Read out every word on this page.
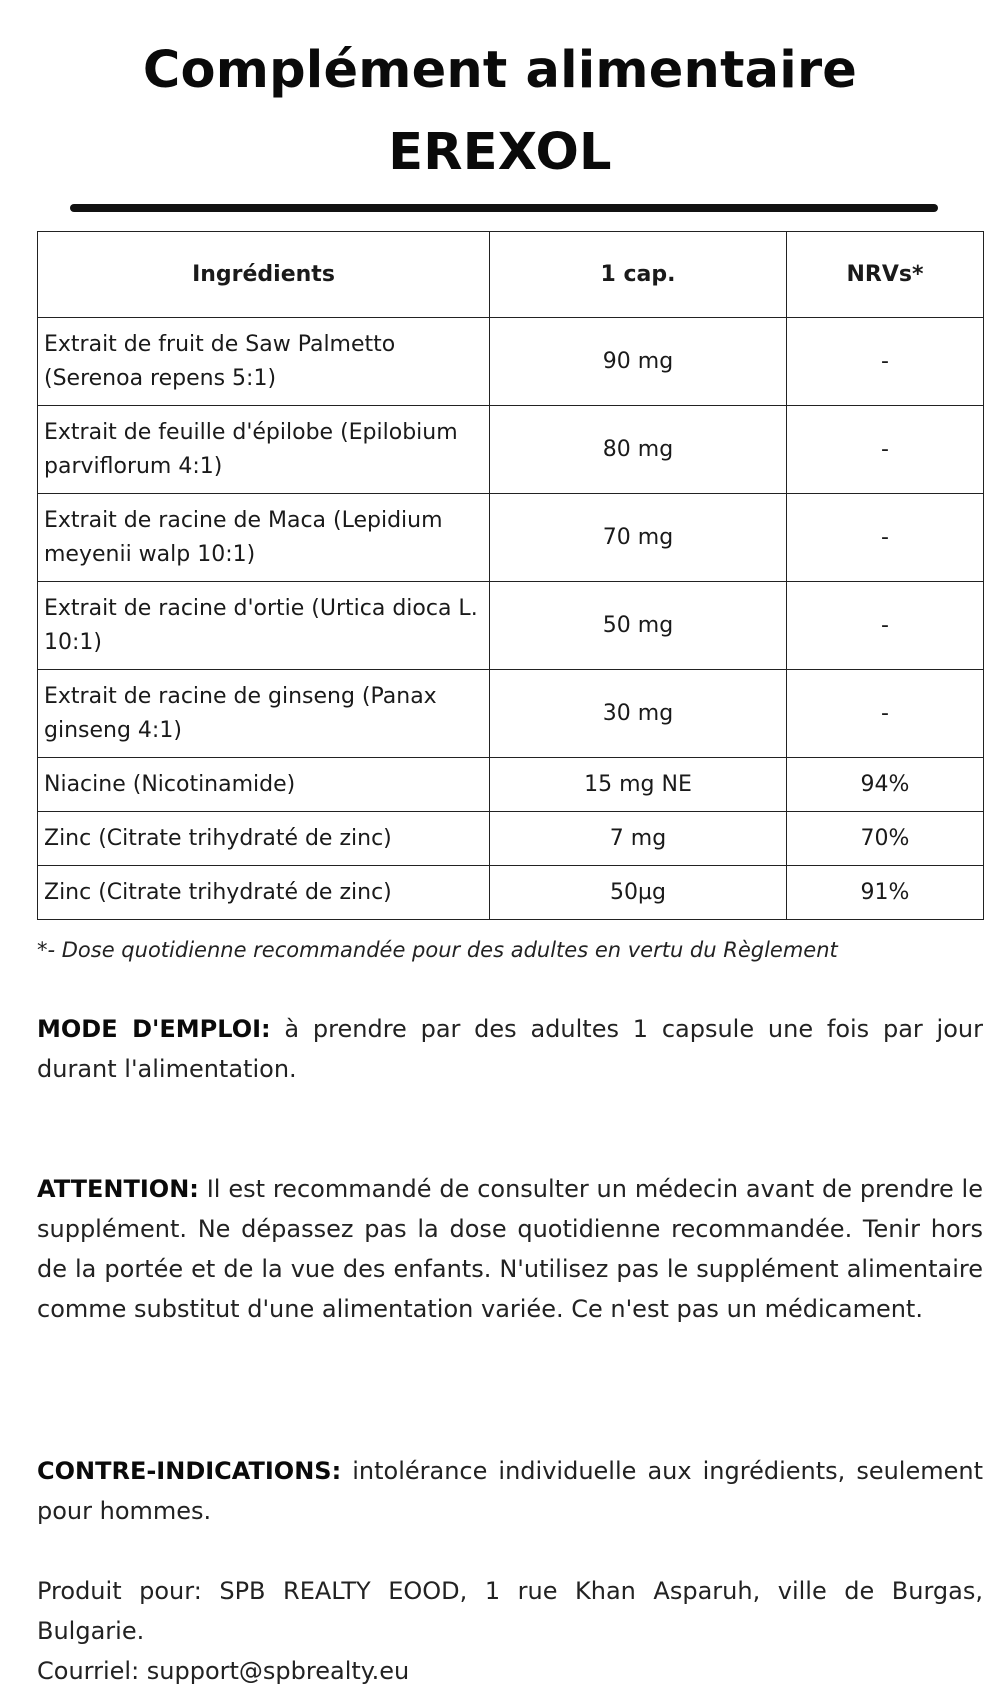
Complément alimentaire
EREXOL
Ingrédients	1 cap.	NRVs*
Extrait de fruit de Saw Palmetto (Serenoa repens 5:1)	90 mg	-
Extrait de feuille d'épilobe (Epilobium parviflorum 4:1)	80 mg	-
Extrait de racine de Maca (Lepidium meyenii walp 10:1)	70 mg	-
Extrait de racine d'ortie (Urtica dioca L. 10:1)	50 mg	-
Extrait de racine de ginseng (Panax ginseng 4:1)	30 mg	-
Niacine (Nicotinamide)	15 mg NE	94%
Zinc (Citrate trihydraté de zinc)	7 mg	70%
Zinc (Citrate trihydraté de zinc)	50µg	91%
*- Dose quotidienne recommandée pour des adultes en vertu du Règlement
MODE D'EMPLOI: à prendre par des adultes 1 capsule une fois par jour durant l'alimentation.
ATTENTION: Il est recommandé de consulter un médecin avant de prendre le supplément. Ne dépassez pas la dose quotidienne recommandée. Tenir hors de la portée et de la vue des enfants. N'utilisez pas le supplément alimentaire comme substitut d'une alimentation variée. Ce n'est pas un médicament.
CONTRE-INDICATIONS: intolérance individuelle aux ingrédients, seulement pour hommes.
Produit pour: SPB REALTY EOOD, 1 rue Khan Asparuh, ville de Burgas, Bulgarie.
Courriel: support@spbrealty.eu
